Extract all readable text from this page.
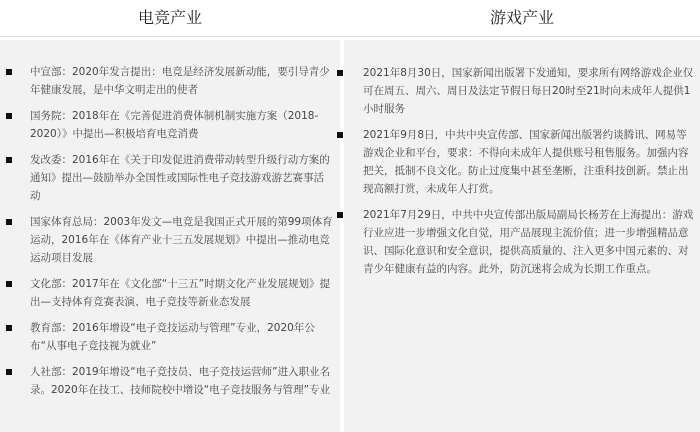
电竞产业	游戏产业
中宣部：2020年发言提出：电竞是经济发展新动能，要引导青少年健康发展，是中华文明走出的使者
国务院：2018年在《完善促进消费体制机制实施方案（2018-2020）》中提出—积极培育电竞消费
发改委：2016年在《关于印发促进消费带动转型升级行动方案的通知》提出—鼓励举办全国性或国际性电子竞技游戏游艺赛事活动
国家体育总局：2003年发文—电竞是我国正式开展的第99项体育运动，2016年在《体育产业十三五发展规划》中提出—推动电竞运动项目发展
文化部：2017年在《文化部“十三五”时期文化产业发展规划》提出—支持体育竞赛表演、电子竞技等新业态发展
教育部：2016年增设“电子竞技运动与管理”专业，2020年公布“从事电子竞技视为就业”
人社部：2019年增设“电子竞技员、电子竞技运营师”进入职业名录。2020年在技工、技师院校中增设“电子竞技服务与管理”专业
2021年8月30日，国家新闻出版署下发通知，要求所有网络游戏企业仅可在周五、周六、周日及法定节假日每日20时至21时向未成年人提供1小时服务
2021年9月8日，中共中央宣传部、国家新闻出版署约谈腾讯、网易等游戏企业和平台，要求：不得向未成年人提供账号租售服务。加强内容把关，抵制不良文化。防止过度集中甚至垄断，注重科技创新。禁止出现高额打赏，未成年人打赏。
2021年7月29日，中共中央宣传部出版局副局长杨芳在上海提出：游戏行业应进一步增强文化自觉，用产品展现主流价值；进一步增强精品意识、国际化意识和安全意识，提供高质量的、注入更多中国元素的、对青少年健康有益的内容。此外，防沉迷将会成为长期工作重点。
